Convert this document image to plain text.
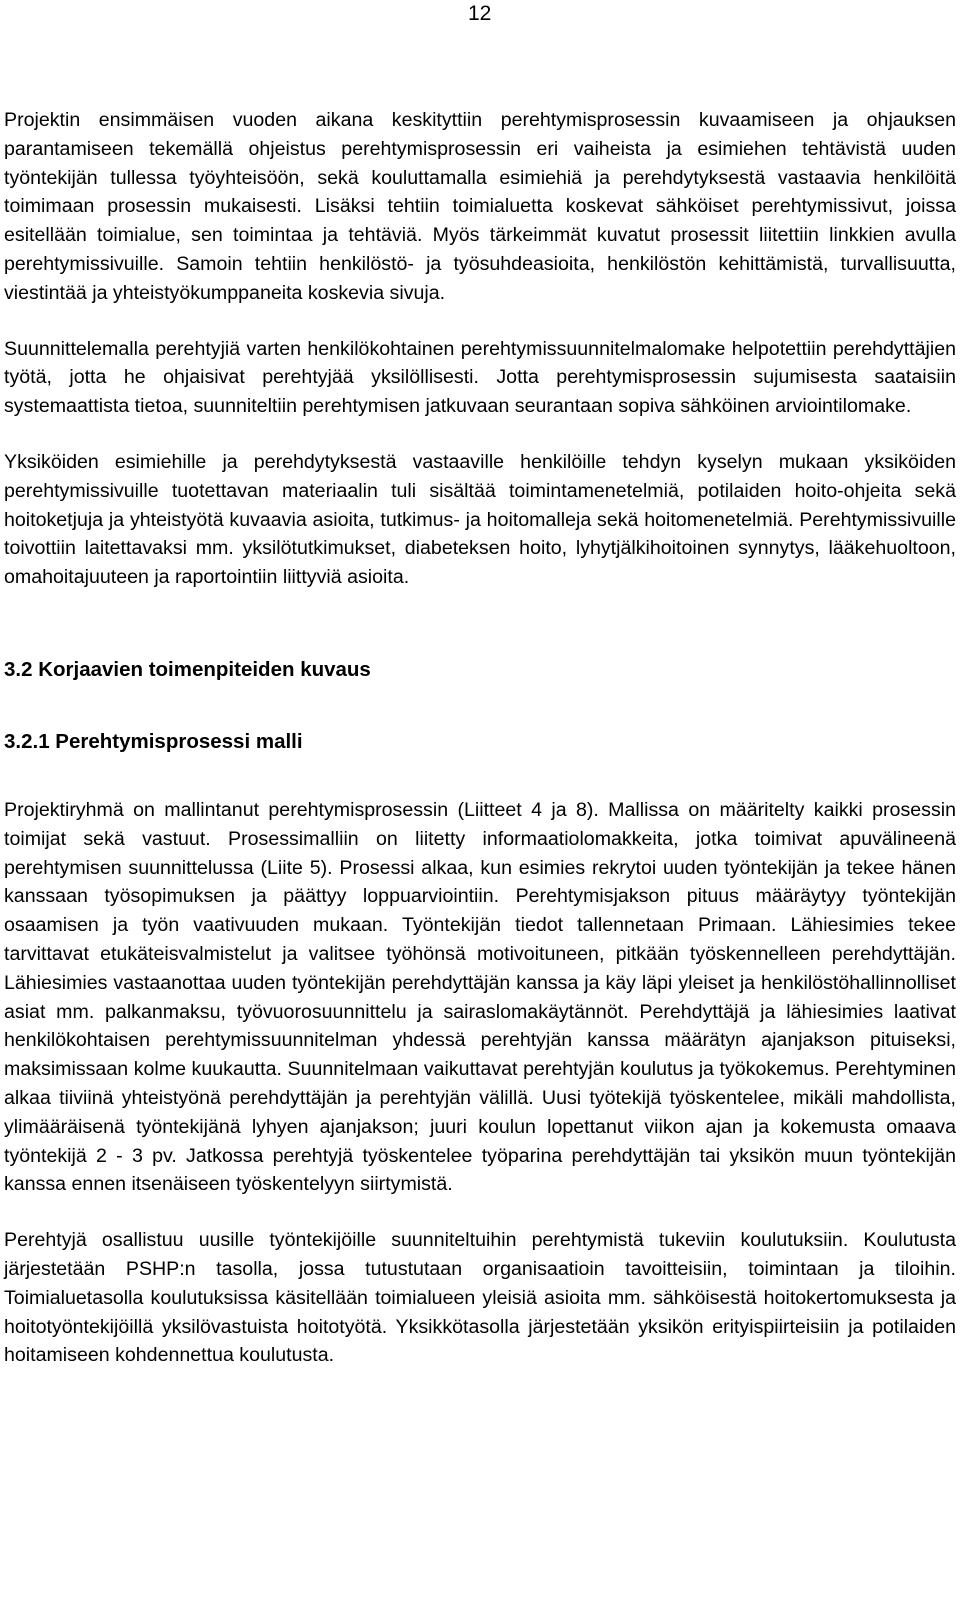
12

Projektin ensimmäisen vuoden aikana keskityttiin perehtymisprosessin kuvaamiseen ja ohjauksen parantamiseen tekemällä ohjeistus perehtymisprosessin eri vaiheista ja esimiehen tehtävistä uuden työntekijän tullessa työyhteisöön, sekä kouluttamalla esimiehiä ja perehdytyksestä vastaavia henkilöitä toimimaan prosessin mukaisesti. Lisäksi tehtiin toimialuetta koskevat sähköiset perehtymissivut, joissa esitellään toimialue, sen toimintaa ja tehtäviä. Myös tärkeimmät kuvatut prosessit liitettiin linkkien avulla perehtymissivuille. Samoin tehtiin henkilöstö- ja työsuhdeasioita, henkilöstön kehittämistä, turvallisuutta, viestintää ja yhteistyökumppaneita koskevia sivuja.

Suunnittelemalla perehtyjiä varten henkilökohtainen perehtymissuunnitelmalomake helpotettiin perehdyttäjien työtä, jotta he ohjaisivat perehtyjää yksilöllisesti. Jotta perehtymisprosessin sujumisesta saataisiin systemaattista tietoa, suunniteltiin perehtymisen jatkuvaan seurantaan sopiva sähköinen arviointilomake.

Yksiköiden esimiehille ja perehdytyksestä vastaaville henkilöille tehdyn kyselyn mukaan yksiköiden perehtymissivuille tuotettavan materiaalin tuli sisältää toimintamenetelmiä, potilaiden hoito-ohjeita sekä hoitoketjuja ja yhteistyötä kuvaavia asioita, tutkimus- ja hoitomalleja sekä hoitomenetelmiä. Perehtymissivuille toivottiin laitettavaksi mm. yksilötutkimukset, diabeteksen hoito, lyhytjälkihoitoinen synnytys, lääkehuoltoon, omahoitajuuteen ja raportointiin liittyviä asioita.

3.2 Korjaavien toimenpiteiden kuvaus
3.2.1 Perehtymisprosessi malli

Projektiryhmä on mallintanut perehtymisprosessin (Liitteet 4 ja 8). Mallissa on määritelty kaikki prosessin toimijat sekä vastuut. Prosessimalliin on liitetty informaatiolomakkeita, jotka toimivat apuvälineenä perehtymisen suunnittelussa (Liite 5). Prosessi alkaa, kun esimies rekrytoi uuden työntekijän ja tekee hänen kanssaan työsopimuksen ja päättyy loppuarviointiin. Perehtymisjakson pituus määräytyy työntekijän osaamisen ja työn vaativuuden mukaan. Työntekijän tiedot tallennetaan Primaan. Lähiesimies tekee tarvittavat etukäteisvalmistelut ja valitsee työhönsä motivoituneen, pitkään työskennelleen perehdyttäjän. Lähiesimies vastaanottaa uuden työntekijän perehdyttäjän kanssa ja käy läpi yleiset ja henkilöstöhallinnolliset asiat mm. palkanmaksu, työvuorosuunnittelu ja sairaslomakäytännöt. Perehdyttäjä ja lähiesimies laativat henkilökohtaisen perehtymissuunnitelman yhdessä perehtyjän kanssa määrätyn ajanjakson pituiseksi, maksimissaan kolme kuukautta. Suunnitelmaan vaikuttavat perehtyjän koulutus ja työkokemus. Perehtyminen alkaa tiiviinä yhteistyönä perehdyttäjän ja perehtyjän välillä. Uusi työtekijä työskentelee, mikäli mahdollista, ylimääräisenä työntekijänä lyhyen ajanjakson; juuri koulun lopettanut viikon ajan ja kokemusta omaava työntekijä 2 - 3 pv. Jatkossa perehtyjä työskentelee työparina perehdyttäjän tai yksikön muun työntekijän kanssa ennen itsenäiseen työskentelyyn siirtymistä.

Perehtyjä osallistuu uusille työntekijöille suunniteltuihin perehtymistä tukeviin koulutuksiin. Koulutusta järjestetään PSHP:n tasolla, jossa tutustutaan organisaatioin tavoitteisiin, toimintaan ja tiloihin. Toimialuetasolla koulutuksissa käsitellään toimialueen yleisiä asioita mm. sähköisestä hoitokertomuksesta ja hoitotyöntekijöillä yksilövastuista hoitotyötä. Yksikkötasolla järjestetään yksikön erityispiirteisiin ja potilaiden hoitamiseen kohdennettua koulutusta.
